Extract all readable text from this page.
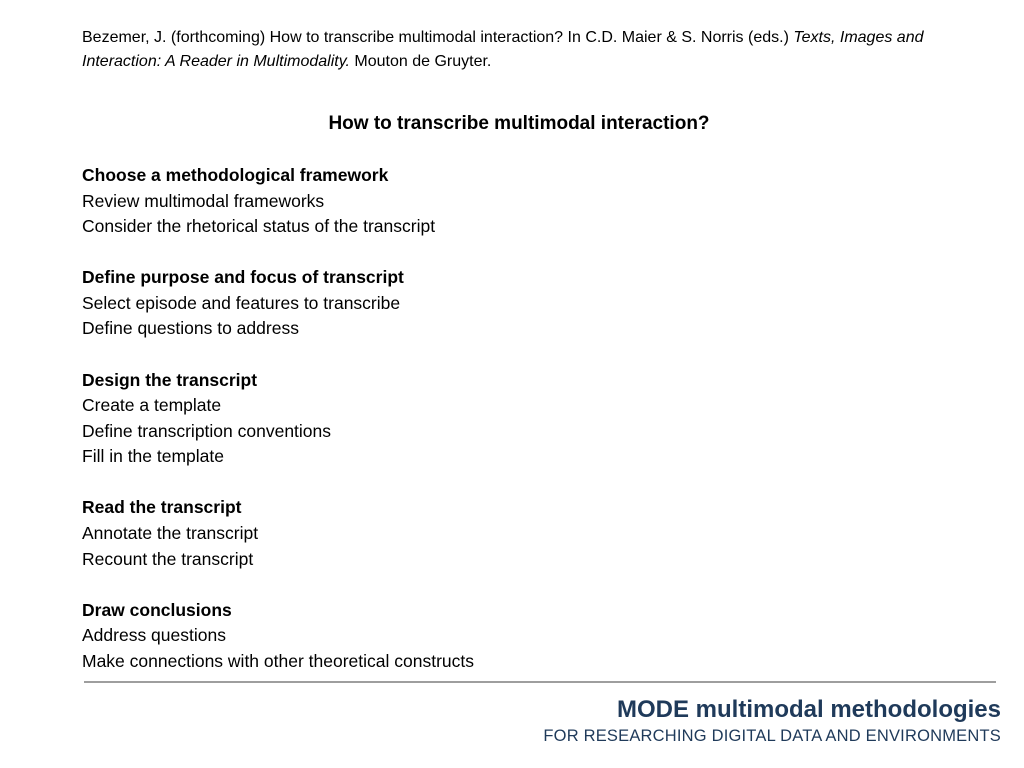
Bezemer, J. (forthcoming) How to transcribe multimodal interaction? In C.D. Maier & S. Norris (eds.) Texts, Images and Interaction: A Reader in Multimodality. Mouton de Gruyter.
How to transcribe multimodal interaction?
Choose a methodological framework
Review multimodal frameworks
Consider the rhetorical status of the transcript
Define purpose and focus of transcript
Select episode and features to transcribe
Define questions to address
Design the transcript
Create a template
Define transcription conventions
Fill in the template
Read the transcript
Annotate the transcript
Recount the transcript
Draw conclusions
Address questions
Make connections with other theoretical constructs
MODE multimodal methodologies
FOR RESEARCHING DIGITAL DATA AND ENVIRONMENTS
